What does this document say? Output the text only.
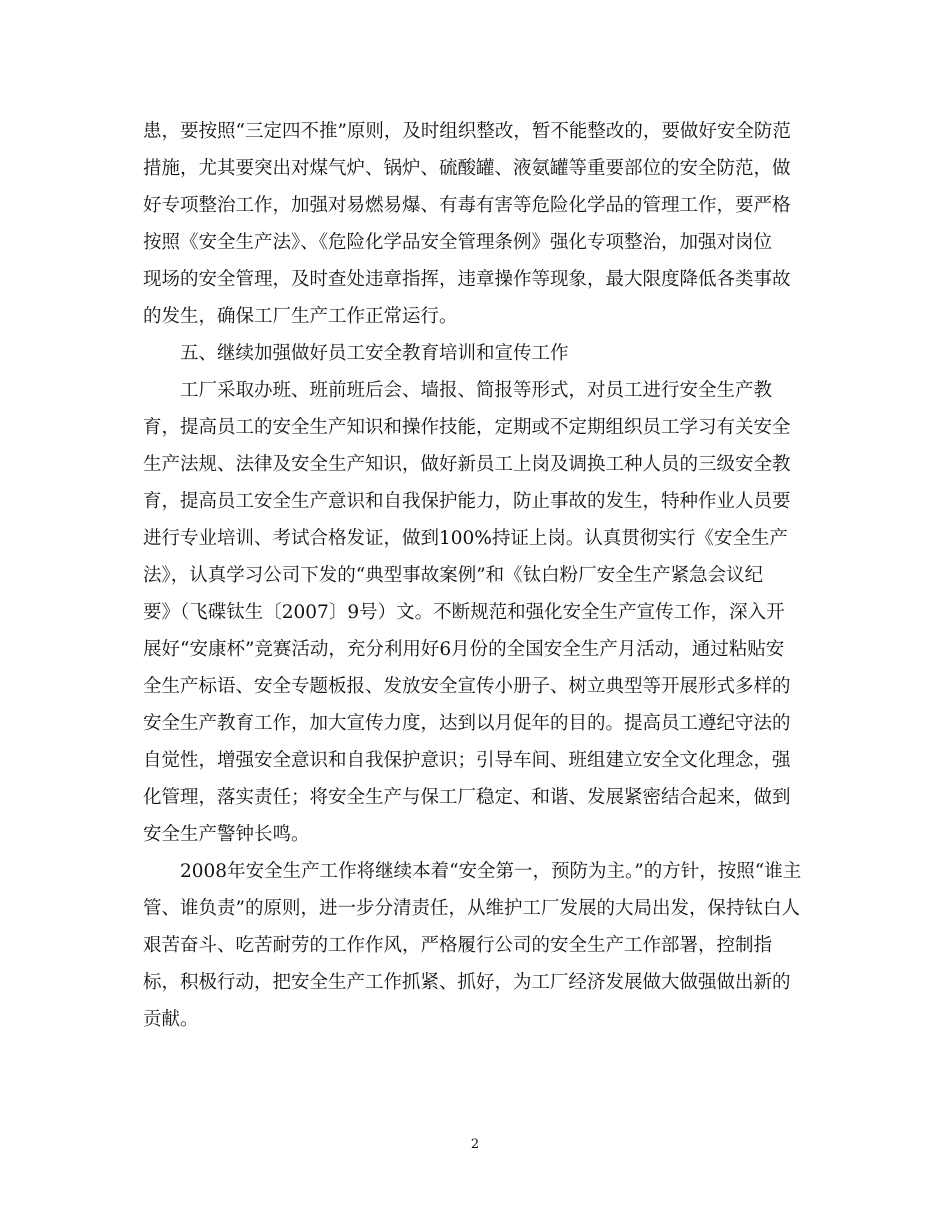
患，要按照“三定四不推”原则，及时组织整改，暂不能整改的，要做好安全防范
措施，尤其要突出对煤气炉、锅炉、硫酸罐、液氨罐等重要部位的安全防范，做
好专项整治工作，加强对易燃易爆、有毒有害等危险化学品的管理工作，要严格
按照《安全生产法》、《危险化学品安全管理条例》强化专项整治，加强对岗位
现场的安全管理，及时查处违章指挥，违章操作等现象，最大限度降低各类事故
的发生，确保工厂生产工作正常运行。
五、继续加强做好员工安全教育培训和宣传工作
工厂采取办班、班前班后会、墙报、简报等形式，对员工进行安全生产教
育，提高员工的安全生产知识和操作技能，定期或不定期组织员工学习有关安全
生产法规、法律及安全生产知识，做好新员工上岗及调换工种人员的三级安全教
育，提高员工安全生产意识和自我保护能力，防止事故的发生，特种作业人员要
进行专业培训、考试合格发证，做到100%持证上岗。认真贯彻实行《安全生产
法》，认真学习公司下发的“典型事故案例”和《钛白粉厂安全生产紧急会议纪
要》（飞碟钛生〔2007〕9号）文。不断规范和强化安全生产宣传工作，深入开
展好“安康杯”竞赛活动，充分利用好6月份的全国安全生产月活动，通过粘贴安
全生产标语、安全专题板报、发放安全宣传小册子、树立典型等开展形式多样的
安全生产教育工作，加大宣传力度，达到以月促年的目的。提高员工遵纪守法的
自觉性，增强安全意识和自我保护意识；引导车间、班组建立安全文化理念，强
化管理，落实责任；将安全生产与保工厂稳定、和谐、发展紧密结合起来，做到
安全生产警钟长鸣。
2008年安全生产工作将继续本着“安全第一，预防为主。”的方针，按照“谁主
管、谁负责”的原则，进一步分清责任，从维护工厂发展的大局出发，保持钛白人
艰苦奋斗、吃苦耐劳的工作作风，严格履行公司的安全生产工作部署，控制指
标，积极行动，把安全生产工作抓紧、抓好，为工厂经济发展做大做强做出新的
贡献。
2
